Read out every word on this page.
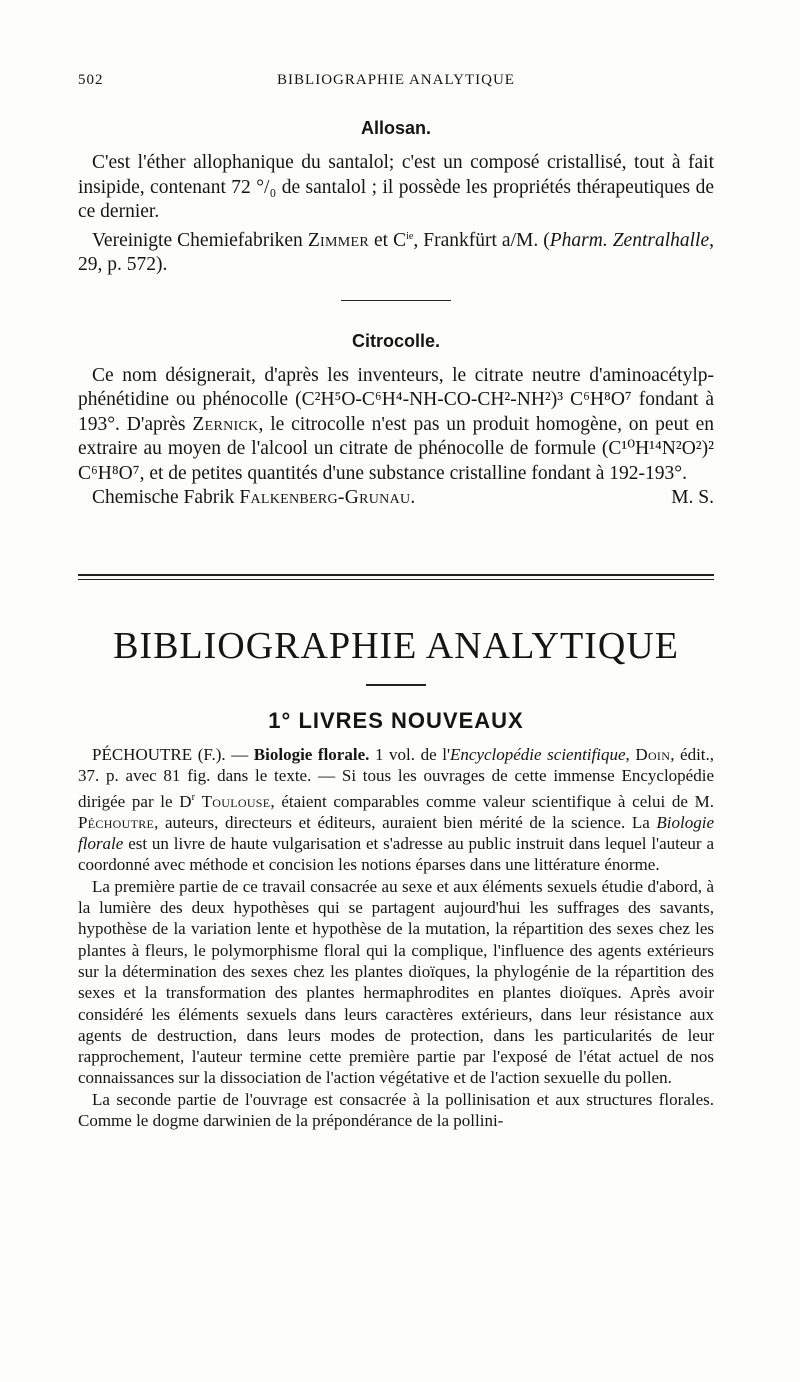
502	BIBLIOGRAPHIE ANALYTIQUE
Allosan.

C'est l'éther allophanique du santalol; c'est un composé cristallisé, tout à fait insipide, contenant 72 °/₀ de santalol ; il possède les propriétés thérapeutiques de ce dernier.

Vereinigte Chemiefabriken Zimmer et $C^{ie}$, Frankfürt a/M. (Pharm. Zentralhalle, 29, p. 572).

Citrocolle.

Ce nom désignerait, d'après les inventeurs, le citrate neutre d'aminoacétylp-phénétidine ou phénocolle (C²H⁵O-C⁶H⁴-NH-CO-CH²-NH²)³ C⁶H⁸O⁷ fondant à 193°. D'après Zernick, le citrocolle n'est pas un produit homogène, on peut en extraire au moyen de l'alcool un citrate de phénocolle de formule (C¹⁰H¹⁴N²O²)² C⁶H⁸O⁷, et de petites quantités d'une substance cristalline fondant à 192-193°.

Chemische Fabrik Falkenberg-Grunau.	M. S.
BIBLIOGRAPHIE ANALYTIQUE
1° LIVRES NOUVEAUX

PÉCHOUTRE (F.). — Biologie florale. 1 vol. de l'Encyclopédie scientifique, Doin, édit., 37. p. avec 81 fig. dans le texte. — Si tous les ouvrages de cette immense Encyclopédie dirigée par le $D^r$ Toulouse, étaient comparables comme valeur scientifique à celui de M. Péchoutre, auteurs, directeurs et éditeurs, auraient bien mérité de la science. La Biologie florale est un livre de haute vulgarisation et s'adresse au public instruit dans lequel l'auteur a coordonné avec méthode et concision les notions éparses dans une littérature énorme.

La première partie de ce travail consacrée au sexe et aux éléments sexuels étudie d'abord, à la lumière des deux hypothèses qui se partagent aujourd'hui les suffrages des savants, hypothèse de la variation lente et hypothèse de la mutation, la répartition des sexes chez les plantes à fleurs, le polymorphisme floral qui la complique, l'influence des agents extérieurs sur la détermination des sexes chez les plantes dioïques, la phylogénie de la répartition des sexes et la transformation des plantes hermaphrodites en plantes dioïques. Après avoir considéré les éléments sexuels dans leurs caractères extérieurs, dans leur résistance aux agents de destruction, dans leurs modes de protection, dans les particularités de leur rapprochement, l'auteur termine cette première partie par l'exposé de l'état actuel de nos connaissances sur la dissociation de l'action végétative et de l'action sexuelle du pollen.

La seconde partie de l'ouvrage est consacrée à la pollinisation et aux structures florales. Comme le dogme darwinien de la prépondérance de la pollini-
